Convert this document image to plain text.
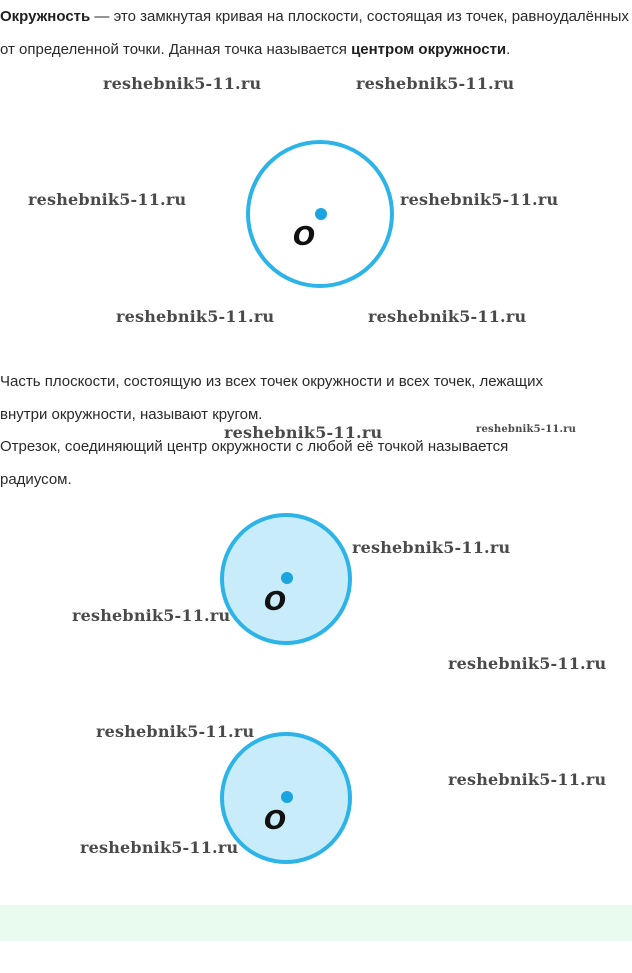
Окружность — это замкнутая кривая на плоскости, состоящая из точек, равноудалённых от определенной точки. Данная точка называется центром окружности.

O

Часть плоскости, состоящую из всех точек окружности и всех точек, лежащих
внутри окружности, называют кругом.

Отрезок, соединяющий центр окружности с любой её точкой называется
радиусом.

O
O
reshebnik5-11.ru	reshebnik5-11.ru
reshebnik5-11.ru	reshebnik5-11.ru
reshebnik5-11.ru	reshebnik5-11.ru
reshebnik5-11.ru	reshebnik5-11.ru
reshebnik5-11.ru
reshebnik5-11.ru
reshebnik5-11.ru
reshebnik5-11.ru
reshebnik5-11.ru
reshebnik5-11.ru
